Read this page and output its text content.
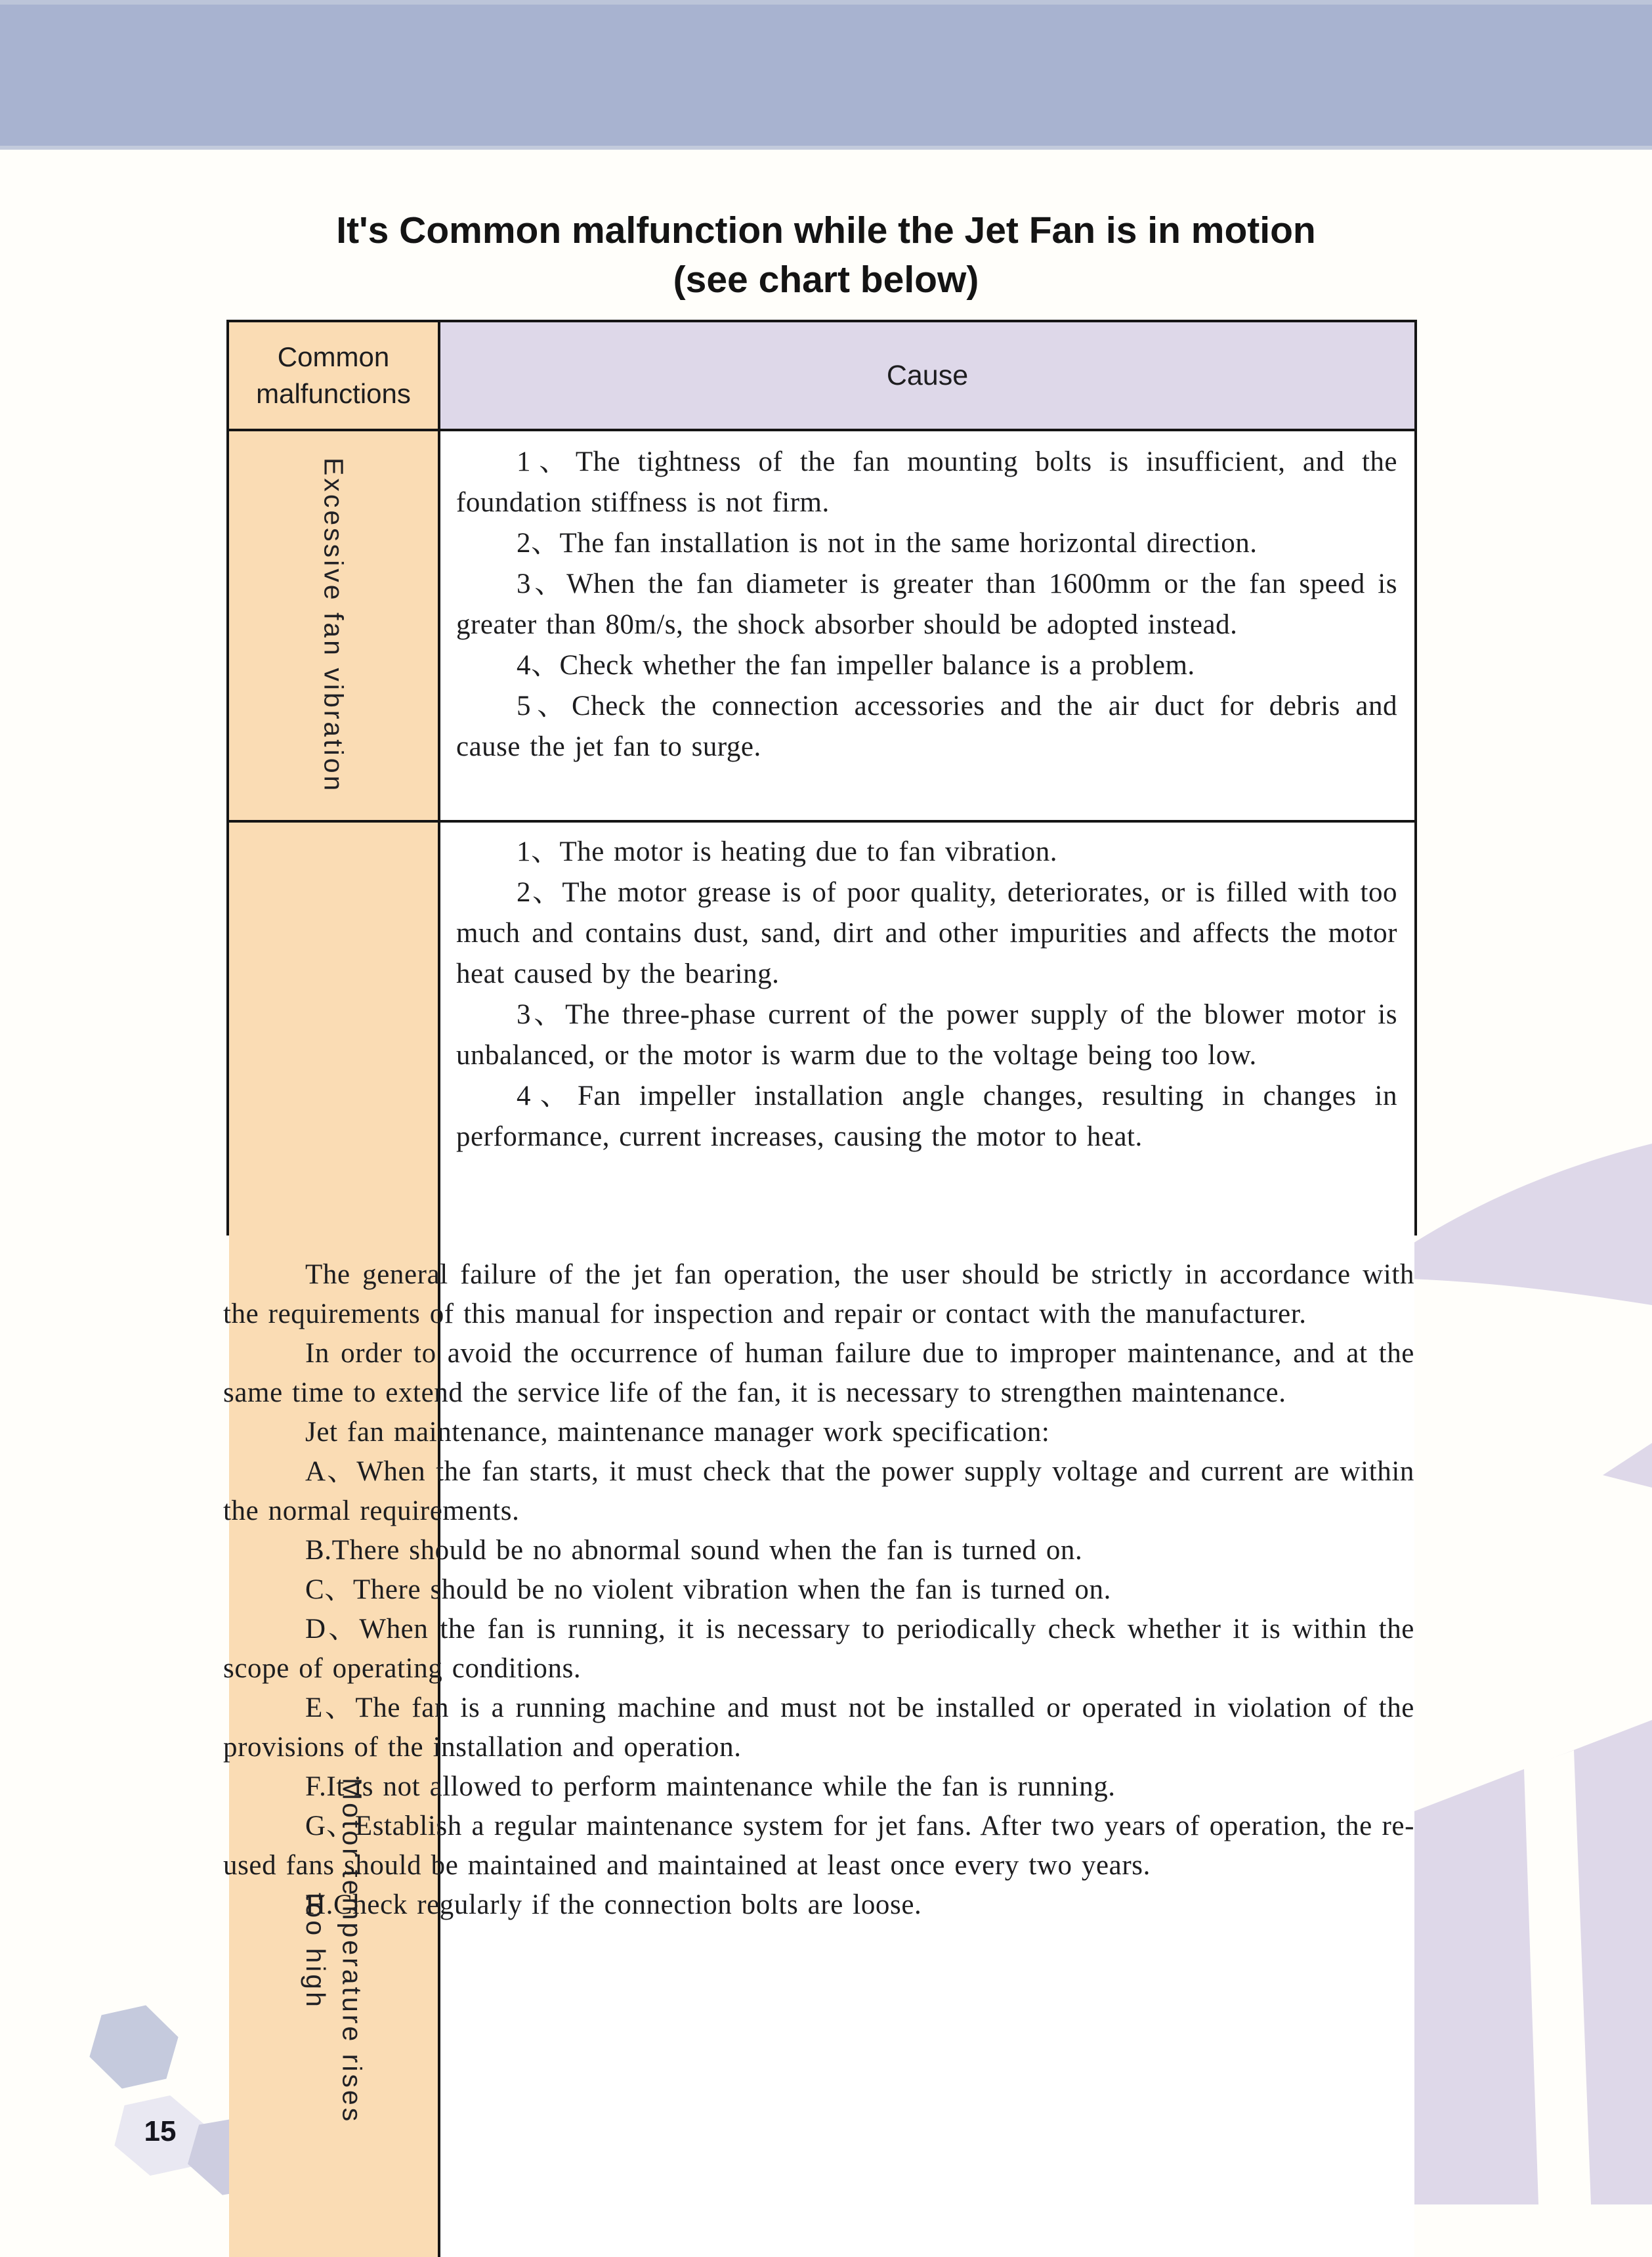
It's Common malfunction while the Jet Fan is in motion
(see chart below)
Common malfunctions
Cause
Excessive fan vibration	1、The tightness of the fan mounting bolts is insufficient, and the foundation stiffness is not firm.

2、The fan installation is not in the same horizontal direction.

3、When the fan diameter is greater than 1600mm or the fan speed is greater than 80m/s, the shock absorber should be adopted instead.

4、Check whether the fan impeller balance is a problem.

5、Check the connection accessories and the air duct for debris and cause the jet fan to surge.

Motor temperature rises
too high

1、The motor is heating due to fan vibration.

2、The motor grease is of poor quality, deteriorates, or is filled with too much and contains dust, sand, dirt and other impurities and affects the motor heat caused by the bearing.

3、The three-phase current of the power supply of the blower motor is unbalanced, or the motor is warm due to the voltage being too low.

4、Fan impeller installation angle changes, resulting in changes in performance, current increases, causing the motor to heat.

The general failure of the jet fan operation, the user should be strictly in accordance with the requirements of this manual for inspection and repair or contact with the manufacturer.

In order to avoid the occurrence of human failure due to improper maintenance, and at the same time to extend the service life of the fan, it is necessary to strengthen maintenance.

Jet fan maintenance, maintenance manager work specification:

A、When the fan starts, it must check that the power supply voltage and current are within the normal requirements.

B.There should be no abnormal sound when the fan is turned on.

C、There should be no violent vibration when the fan is turned on.

D、When the fan is running, it is necessary to periodically check whether it is within the scope of operating conditions.

E、The fan is a running machine and must not be installed or operated in violation of the provisions of the installation and operation.

F.It is not allowed to perform maintenance while the fan is running.

G、Establish a regular maintenance system for jet fans. After two years of operation, the re-used fans should be maintained and maintained at least once every two years.

H.Check regularly if the connection bolts are loose.

15
